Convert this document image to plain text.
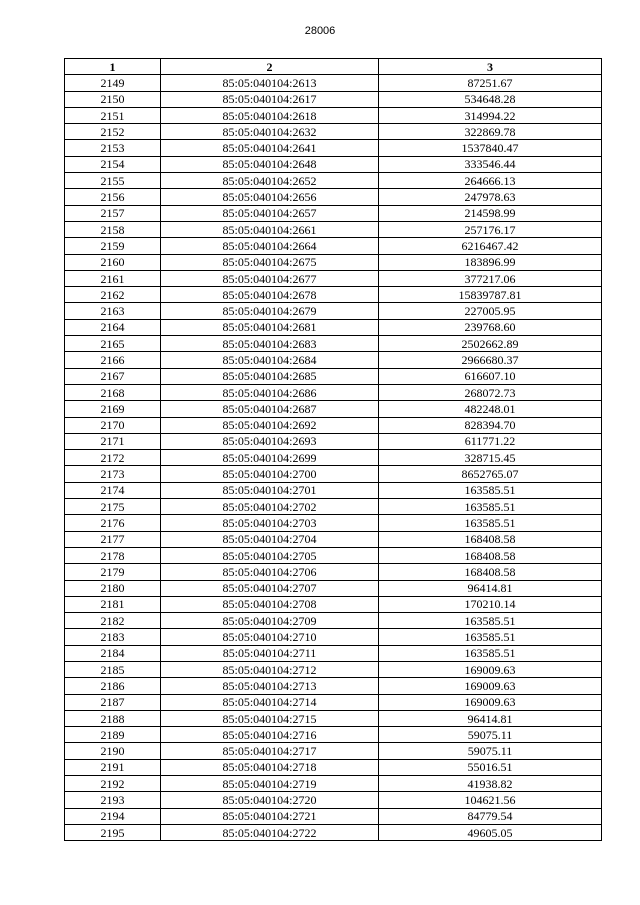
28006
1	2	3
2149	85:05:040104:2613	87251.67
2150	85:05:040104:2617	534648.28
2151	85:05:040104:2618	314994.22
2152	85:05:040104:2632	322869.78
2153	85:05:040104:2641	1537840.47
2154	85:05:040104:2648	333546.44
2155	85:05:040104:2652	264666.13
2156	85:05:040104:2656	247978.63
2157	85:05:040104:2657	214598.99
2158	85:05:040104:2661	257176.17
2159	85:05:040104:2664	6216467.42
2160	85:05:040104:2675	183896.99
2161	85:05:040104:2677	377217.06
2162	85:05:040104:2678	15839787.81
2163	85:05:040104:2679	227005.95
2164	85:05:040104:2681	239768.60
2165	85:05:040104:2683	2502662.89
2166	85:05:040104:2684	2966680.37
2167	85:05:040104:2685	616607.10
2168	85:05:040104:2686	268072.73
2169	85:05:040104:2687	482248.01
2170	85:05:040104:2692	828394.70
2171	85:05:040104:2693	611771.22
2172	85:05:040104:2699	328715.45
2173	85:05:040104:2700	8652765.07
2174	85:05:040104:2701	163585.51
2175	85:05:040104:2702	163585.51
2176	85:05:040104:2703	163585.51
2177	85:05:040104:2704	168408.58
2178	85:05:040104:2705	168408.58
2179	85:05:040104:2706	168408.58
2180	85:05:040104:2707	96414.81
2181	85:05:040104:2708	170210.14
2182	85:05:040104:2709	163585.51
2183	85:05:040104:2710	163585.51
2184	85:05:040104:2711	163585.51
2185	85:05:040104:2712	169009.63
2186	85:05:040104:2713	169009.63
2187	85:05:040104:2714	169009.63
2188	85:05:040104:2715	96414.81
2189	85:05:040104:2716	59075.11
2190	85:05:040104:2717	59075.11
2191	85:05:040104:2718	55016.51
2192	85:05:040104:2719	41938.82
2193	85:05:040104:2720	104621.56
2194	85:05:040104:2721	84779.54
2195	85:05:040104:2722	49605.05
